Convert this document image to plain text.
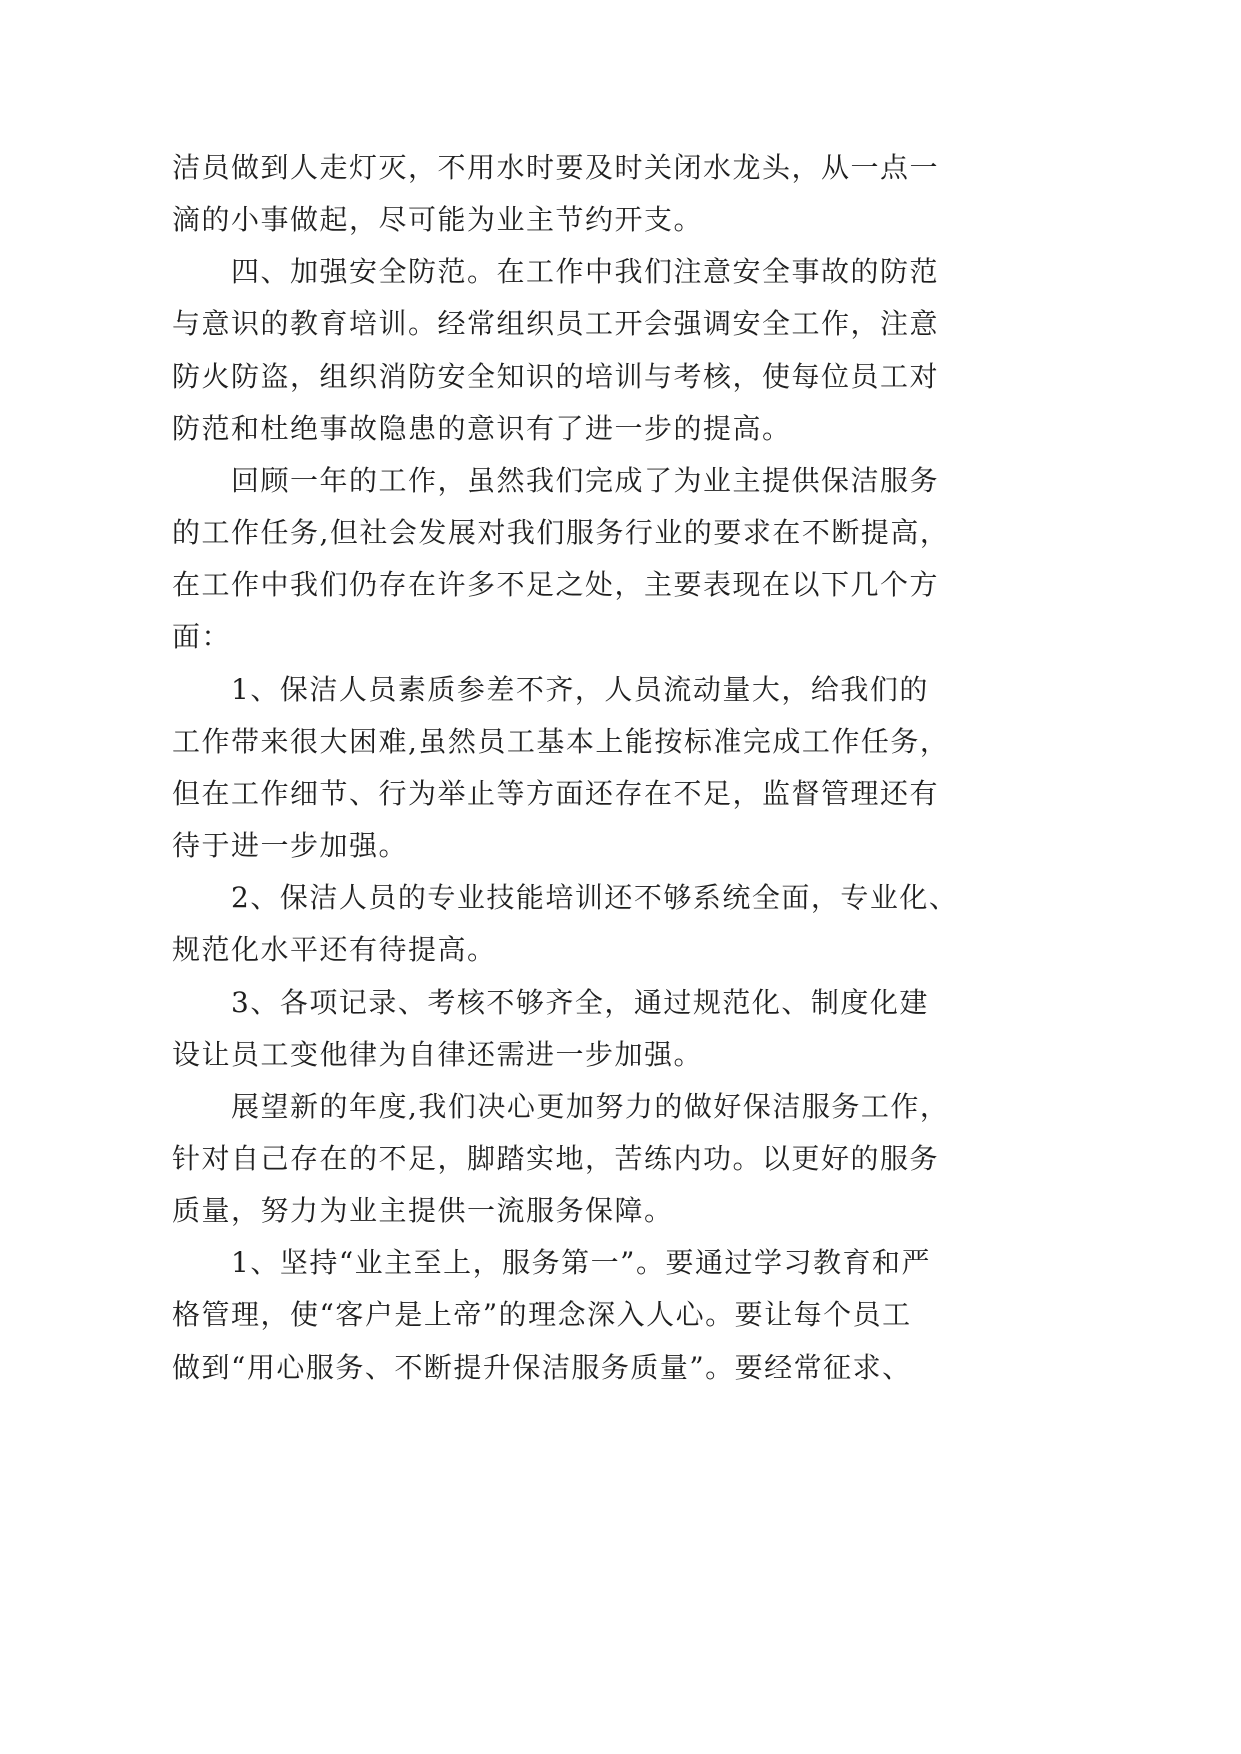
洁员做到人走灯灭，不用水时要及时关闭水龙头，从一点一
滴的小事做起，尽可能为业主节约开支。
四、加强安全防范。在工作中我们注意安全事故的防范
与意识的教育培训。经常组织员工开会强调安全工作，注意
防火防盗，组织消防安全知识的培训与考核，使每位员工对
防范和杜绝事故隐患的意识有了进一步的提高。
回顾一年的工作，虽然我们完成了为业主提供保洁服务
的工作任务,但社会发展对我们服务行业的要求在不断提高，
在工作中我们仍存在许多不足之处，主要表现在以下几个方
面：
1、保洁人员素质参差不齐，人员流动量大，给我们的
工作带来很大困难,虽然员工基本上能按标准完成工作任务，
但在工作细节、行为举止等方面还存在不足，监督管理还有
待于进一步加强。
2、保洁人员的专业技能培训还不够系统全面，专业化、
规范化水平还有待提高。
3、各项记录、考核不够齐全，通过规范化、制度化建
设让员工变他律为自律还需进一步加强。
展望新的年度,我们决心更加努力的做好保洁服务工作，
针对自己存在的不足，脚踏实地，苦练内功。以更好的服务
质量，努力为业主提供一流服务保障。
1、坚持“业主至上，服务第一”。要通过学习教育和严
格管理，使“客户是上帝”的理念深入人心。要让每个员工
做到“用心服务、不断提升保洁服务质量”。要经常征求、
